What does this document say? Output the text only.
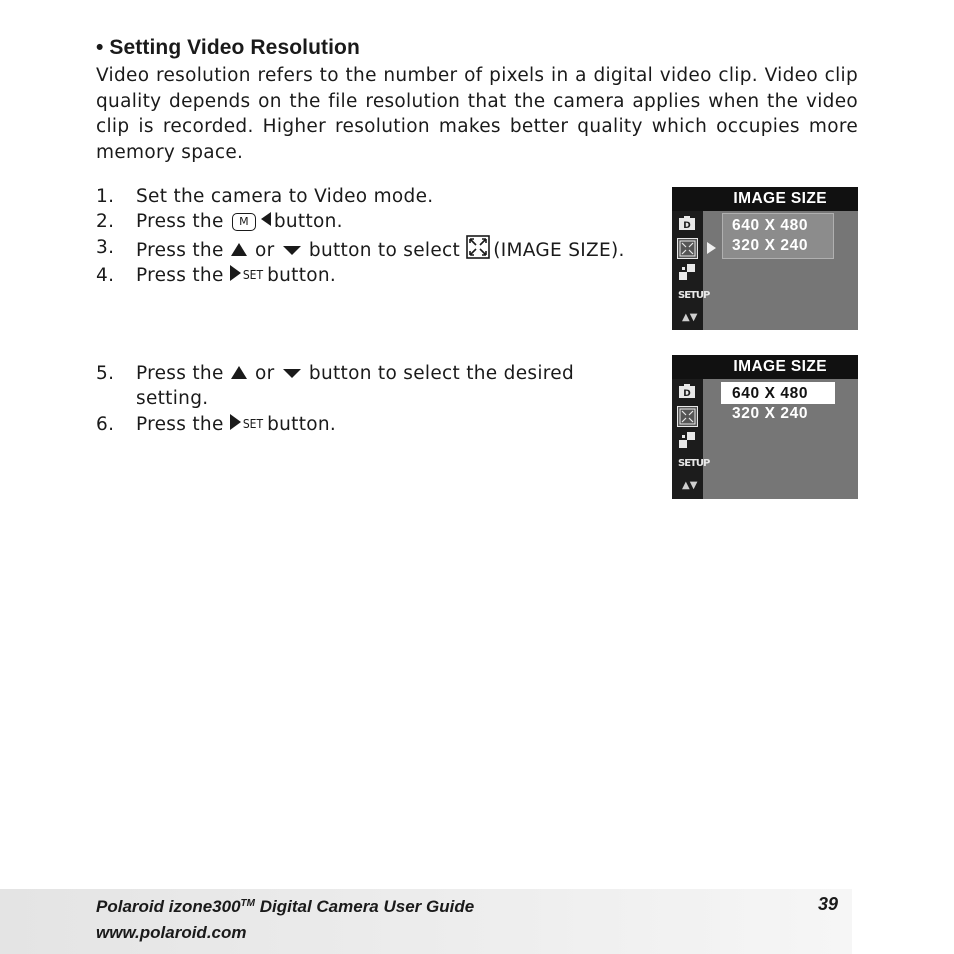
• Setting Video Resolution
Video resolution refers to the number of pixels in a digital video clip. Video clip quality depends on the file resolution that the camera applies when the video clip is recorded. Higher resolution makes better quality which occupies more memory space.
1. Set the camera to Video mode.
2. Press the M button.
3. Press the or button to select (IMAGE SIZE).
4. Press the SET button.
5. Press the or button to select the desired setting.
6. Press the SET button.
IMAGE SIZE
D
SETUP
▲▼
640 X 480
320 X 240
IMAGE SIZE
D
SETUP
▲▼
640 X 480
320 X 240
Polaroid izone300™ Digital Camera User Guide
www.polaroid.com
39
